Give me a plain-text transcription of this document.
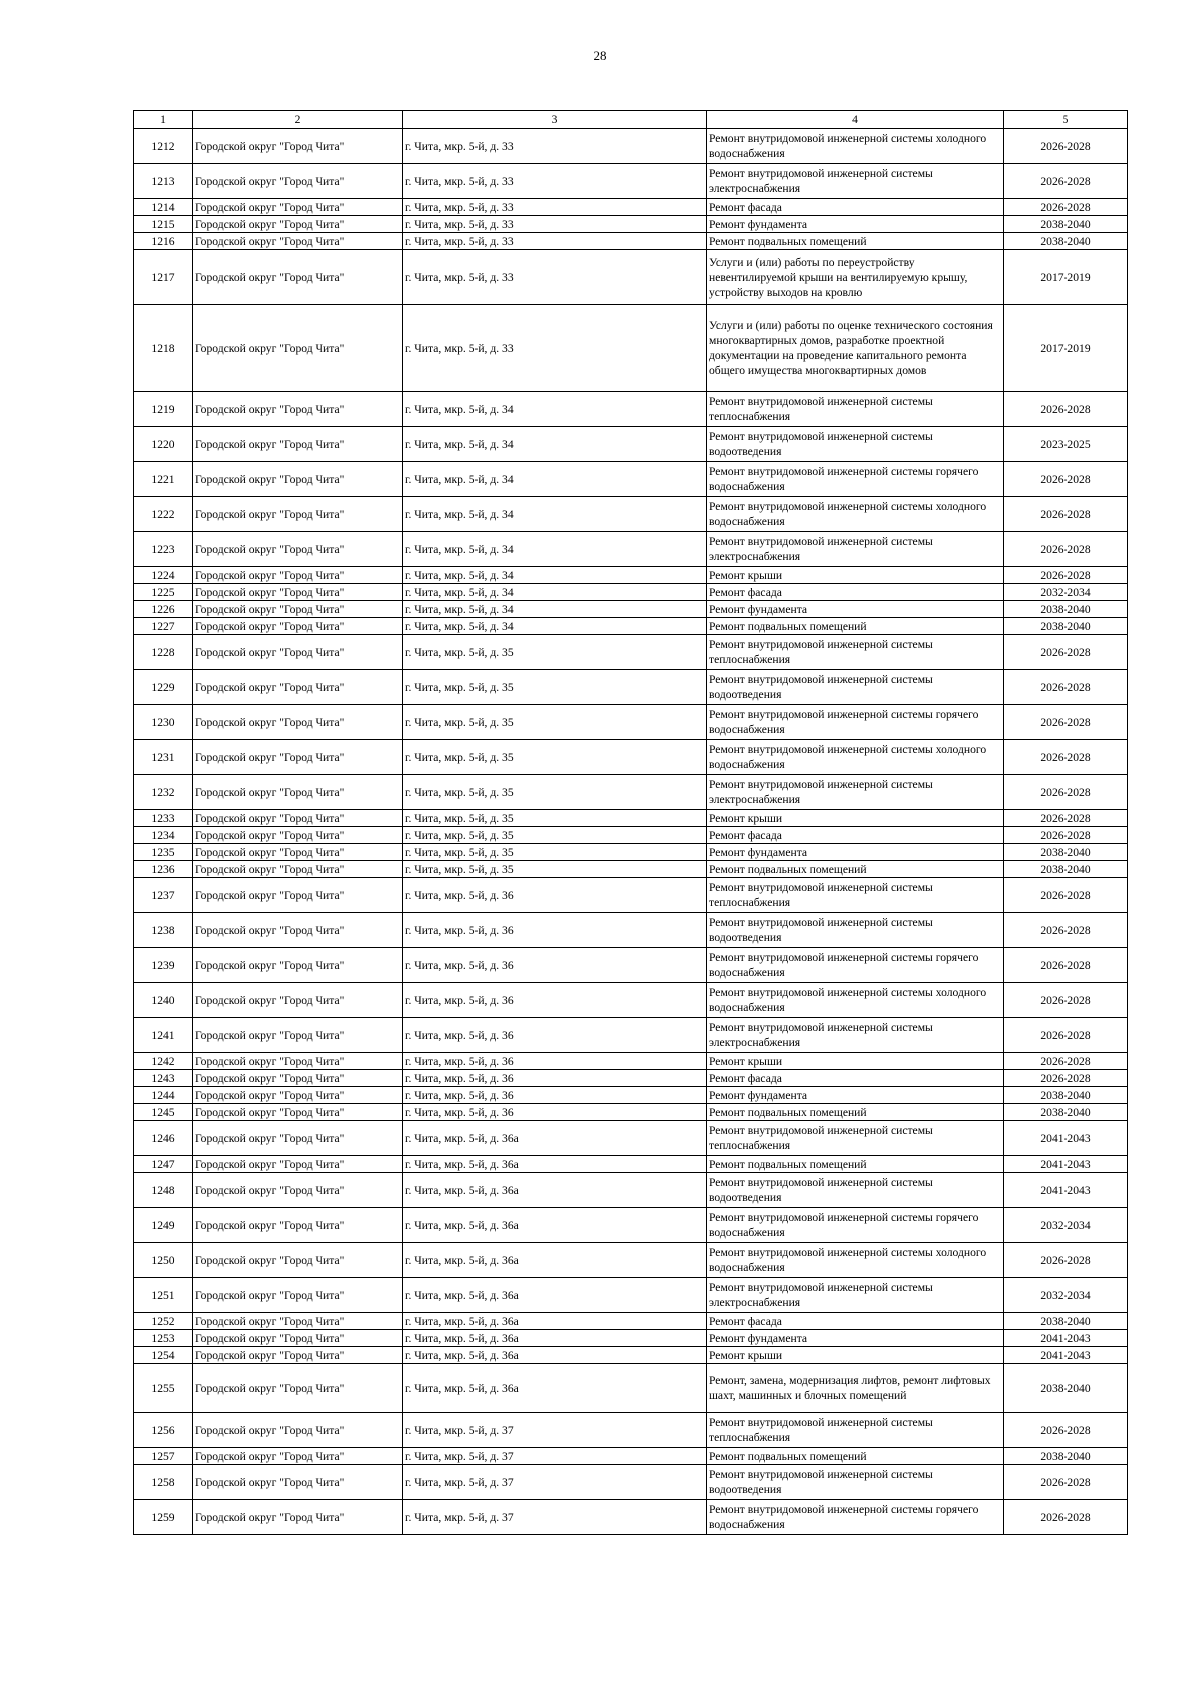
28
1	2	3	4	5
1212	Городской округ "Город Чита"	г. Чита, мкр. 5-й, д. 33	Ремонт внутридомовой инженерной системы холодного водоснабжения	2026-2028
1213	Городской округ "Город Чита"	г. Чита, мкр. 5-й, д. 33	Ремонт внутридомовой инженерной системы электроснабжения	2026-2028
1214	Городской округ "Город Чита"	г. Чита, мкр. 5-й, д. 33	Ремонт фасада	2026-2028
1215	Городской округ "Город Чита"	г. Чита, мкр. 5-й, д. 33	Ремонт фундамента	2038-2040
1216	Городской округ "Город Чита"	г. Чита, мкр. 5-й, д. 33	Ремонт подвальных помещений	2038-2040
1217	Городской округ "Город Чита"	г. Чита, мкр. 5-й, д. 33	Услуги и (или) работы по переустройству невентилируемой крыши на вентилируемую крышу, устройству выходов на кровлю	2017-2019
1218	Городской округ "Город Чита"	г. Чита, мкр. 5-й, д. 33	Услуги и (или) работы по оценке технического состояния многоквартирных домов, разработке проектной документации на проведение капитального ремонта общего имущества многоквартирных домов	2017-2019
1219	Городской округ "Город Чита"	г. Чита, мкр. 5-й, д. 34	Ремонт внутридомовой инженерной системы теплоснабжения	2026-2028
1220	Городской округ "Город Чита"	г. Чита, мкр. 5-й, д. 34	Ремонт внутридомовой инженерной системы водоотведения	2023-2025
1221	Городской округ "Город Чита"	г. Чита, мкр. 5-й, д. 34	Ремонт внутридомовой инженерной системы горячего водоснабжения	2026-2028
1222	Городской округ "Город Чита"	г. Чита, мкр. 5-й, д. 34	Ремонт внутридомовой инженерной системы холодного водоснабжения	2026-2028
1223	Городской округ "Город Чита"	г. Чита, мкр. 5-й, д. 34	Ремонт внутридомовой инженерной системы электроснабжения	2026-2028
1224	Городской округ "Город Чита"	г. Чита, мкр. 5-й, д. 34	Ремонт крыши	2026-2028
1225	Городской округ "Город Чита"	г. Чита, мкр. 5-й, д. 34	Ремонт фасада	2032-2034
1226	Городской округ "Город Чита"	г. Чита, мкр. 5-й, д. 34	Ремонт фундамента	2038-2040
1227	Городской округ "Город Чита"	г. Чита, мкр. 5-й, д. 34	Ремонт подвальных помещений	2038-2040
1228	Городской округ "Город Чита"	г. Чита, мкр. 5-й, д. 35	Ремонт внутридомовой инженерной системы теплоснабжения	2026-2028
1229	Городской округ "Город Чита"	г. Чита, мкр. 5-й, д. 35	Ремонт внутридомовой инженерной системы водоотведения	2026-2028
1230	Городской округ "Город Чита"	г. Чита, мкр. 5-й, д. 35	Ремонт внутридомовой инженерной системы горячего водоснабжения	2026-2028
1231	Городской округ "Город Чита"	г. Чита, мкр. 5-й, д. 35	Ремонт внутридомовой инженерной системы холодного водоснабжения	2026-2028
1232	Городской округ "Город Чита"	г. Чита, мкр. 5-й, д. 35	Ремонт внутридомовой инженерной системы электроснабжения	2026-2028
1233	Городской округ "Город Чита"	г. Чита, мкр. 5-й, д. 35	Ремонт крыши	2026-2028
1234	Городской округ "Город Чита"	г. Чита, мкр. 5-й, д. 35	Ремонт фасада	2026-2028
1235	Городской округ "Город Чита"	г. Чита, мкр. 5-й, д. 35	Ремонт фундамента	2038-2040
1236	Городской округ "Город Чита"	г. Чита, мкр. 5-й, д. 35	Ремонт подвальных помещений	2038-2040
1237	Городской округ "Город Чита"	г. Чита, мкр. 5-й, д. 36	Ремонт внутридомовой инженерной системы теплоснабжения	2026-2028
1238	Городской округ "Город Чита"	г. Чита, мкр. 5-й, д. 36	Ремонт внутридомовой инженерной системы водоотведения	2026-2028
1239	Городской округ "Город Чита"	г. Чита, мкр. 5-й, д. 36	Ремонт внутридомовой инженерной системы горячего водоснабжения	2026-2028
1240	Городской округ "Город Чита"	г. Чита, мкр. 5-й, д. 36	Ремонт внутридомовой инженерной системы холодного водоснабжения	2026-2028
1241	Городской округ "Город Чита"	г. Чита, мкр. 5-й, д. 36	Ремонт внутридомовой инженерной системы электроснабжения	2026-2028
1242	Городской округ "Город Чита"	г. Чита, мкр. 5-й, д. 36	Ремонт крыши	2026-2028
1243	Городской округ "Город Чита"	г. Чита, мкр. 5-й, д. 36	Ремонт фасада	2026-2028
1244	Городской округ "Город Чита"	г. Чита, мкр. 5-й, д. 36	Ремонт фундамента	2038-2040
1245	Городской округ "Город Чита"	г. Чита, мкр. 5-й, д. 36	Ремонт подвальных помещений	2038-2040
1246	Городской округ "Город Чита"	г. Чита, мкр. 5-й, д. 36а	Ремонт внутридомовой инженерной системы теплоснабжения	2041-2043
1247	Городской округ "Город Чита"	г. Чита, мкр. 5-й, д. 36а	Ремонт подвальных помещений	2041-2043
1248	Городской округ "Город Чита"	г. Чита, мкр. 5-й, д. 36а	Ремонт внутридомовой инженерной системы водоотведения	2041-2043
1249	Городской округ "Город Чита"	г. Чита, мкр. 5-й, д. 36а	Ремонт внутридомовой инженерной системы горячего водоснабжения	2032-2034
1250	Городской округ "Город Чита"	г. Чита, мкр. 5-й, д. 36а	Ремонт внутридомовой инженерной системы холодного водоснабжения	2026-2028
1251	Городской округ "Город Чита"	г. Чита, мкр. 5-й, д. 36а	Ремонт внутридомовой инженерной системы электроснабжения	2032-2034
1252	Городской округ "Город Чита"	г. Чита, мкр. 5-й, д. 36а	Ремонт фасада	2038-2040
1253	Городской округ "Город Чита"	г. Чита, мкр. 5-й, д. 36а	Ремонт фундамента	2041-2043
1254	Городской округ "Город Чита"	г. Чита, мкр. 5-й, д. 36а	Ремонт крыши	2041-2043
1255	Городской округ "Город Чита"	г. Чита, мкр. 5-й, д. 36а	Ремонт, замена, модернизация лифтов, ремонт лифтовых шахт, машинных и блочных помещений	2038-2040
1256	Городской округ "Город Чита"	г. Чита, мкр. 5-й, д. 37	Ремонт внутридомовой инженерной системы теплоснабжения	2026-2028
1257	Городской округ "Город Чита"	г. Чита, мкр. 5-й, д. 37	Ремонт подвальных помещений	2038-2040
1258	Городской округ "Город Чита"	г. Чита, мкр. 5-й, д. 37	Ремонт внутридомовой инженерной системы водоотведения	2026-2028
1259	Городской округ "Город Чита"	г. Чита, мкр. 5-й, д. 37	Ремонт внутридомовой инженерной системы горячего водоснабжения	2026-2028
